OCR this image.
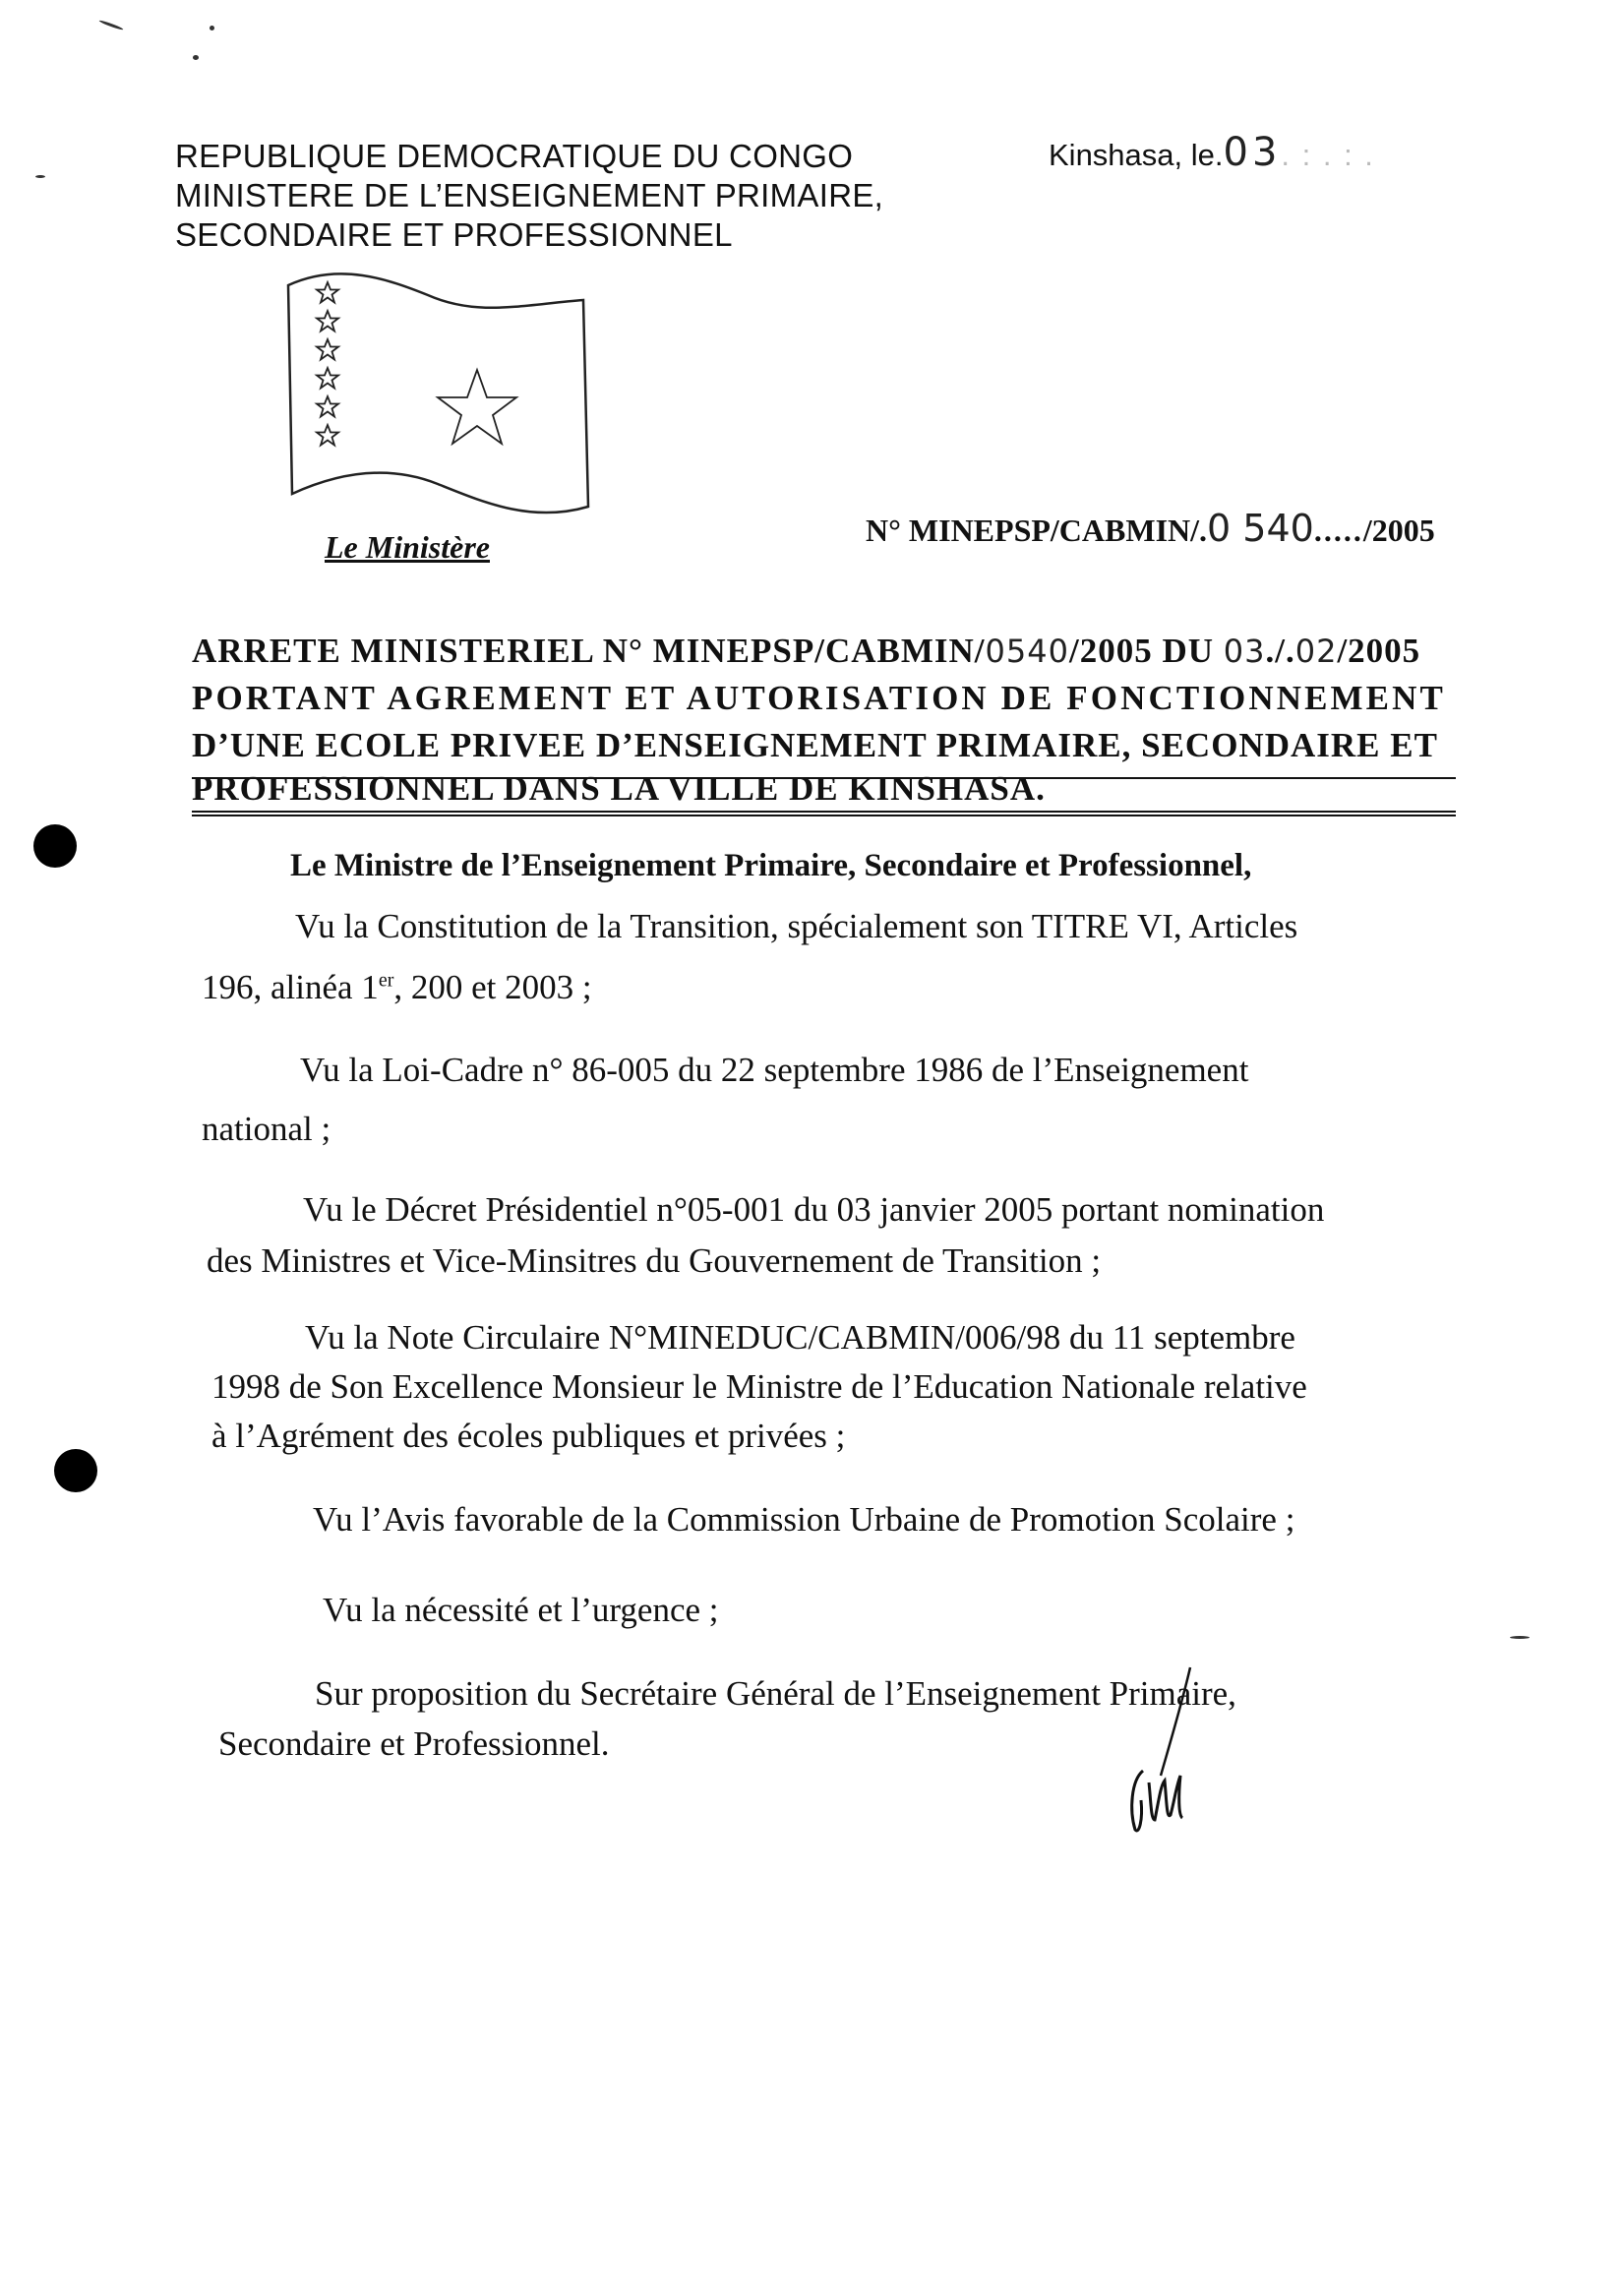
REPUBLIQUE DEMOCRATIQUE DU CONGO
MINISTERE DE L’ENSEIGNEMENT PRIMAIRE,
SECONDAIRE ET PROFESSIONNEL
Kinshasa, le.03. : . : .
Le Ministère	N° MINEPSP/CABMIN/.0 540...../2005
ARRETE MINISTERIEL N° MINEPSP/CABMIN/0540/2005 DU 03./.02/2005
PORTANT AGREMENT ET AUTORISATION DE FONCTIONNEMENT
D’UNE ECOLE PRIVEE D’ENSEIGNEMENT PRIMAIRE, SECONDAIRE ET
PROFESSIONNEL DANS LA VILLE DE KINSHASA.
Le Ministre de l’Enseignement Primaire, Secondaire et Professionnel,
Vu la Constitution de la Transition, spécialement son TITRE VI, Articles
196, alinéa 1er, 200 et 2003 ;
Vu la Loi-Cadre n° 86-005 du 22 septembre 1986 de l’Enseignement
national ;
Vu le Décret Présidentiel n°05-001 du 03 janvier 2005 portant nomination
des Ministres et Vice-Minsitres du Gouvernement de Transition ;
Vu la Note Circulaire N°MINEDUC/CABMIN/006/98 du 11 septembre
1998 de Son Excellence Monsieur le Ministre de l’Education Nationale relative
à l’Agrément des écoles publiques et privées ;
Vu l’Avis favorable de la Commission Urbaine de Promotion Scolaire ;
Vu la nécessité et l’urgence ;
Sur proposition du Secrétaire Général de l’Enseignement Primaire,
Secondaire et Professionnel.
